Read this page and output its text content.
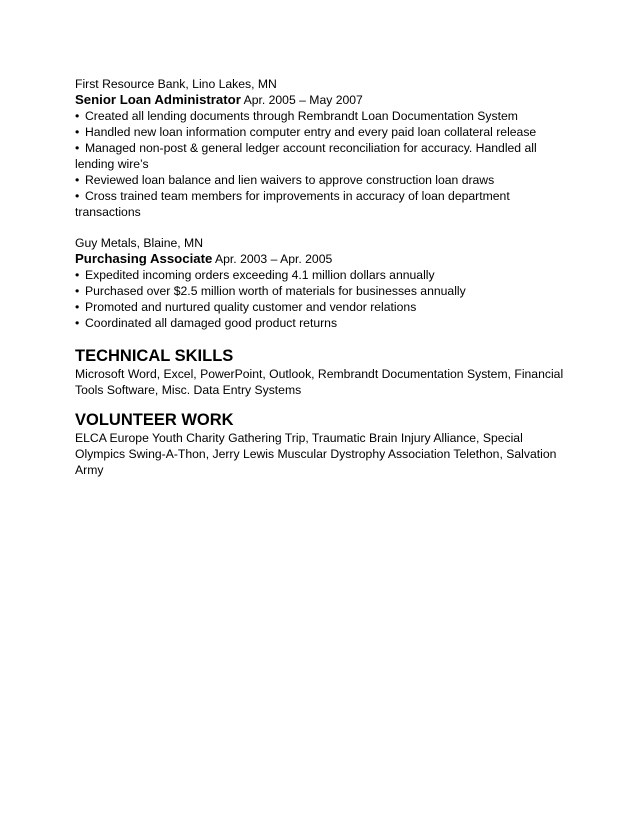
First Resource Bank, Lino Lakes, MN

Senior Loan Administrator Apr. 2005 – May 2007

• Created all lending documents through Rembrandt Loan Documentation System
• Handled new loan information computer entry and every paid loan collateral release
• Managed non-post & general ledger account reconciliation for accuracy. Handled all lending wire’s
• Reviewed loan balance and lien waivers to approve construction loan draws
• Cross trained team members for improvements in accuracy of loan department transactions

Guy Metals, Blaine, MN

Purchasing Associate Apr. 2003 – Apr. 2005

• Expedited incoming orders exceeding 4.1 million dollars annually
• Purchased over $2.5 million worth of materials for businesses annually
• Promoted and nurtured quality customer and vendor relations
• Coordinated all damaged good product returns
TECHNICAL SKILLS

Microsoft Word, Excel, PowerPoint, Outlook, Rembrandt Documentation System, Financial Tools Software, Misc. Data Entry Systems

VOLUNTEER WORK

ELCA Europe Youth Charity Gathering Trip, Traumatic Brain Injury Alliance, Special Olympics Swing-A-Thon, Jerry Lewis Muscular Dystrophy Association Telethon, Salvation Army
